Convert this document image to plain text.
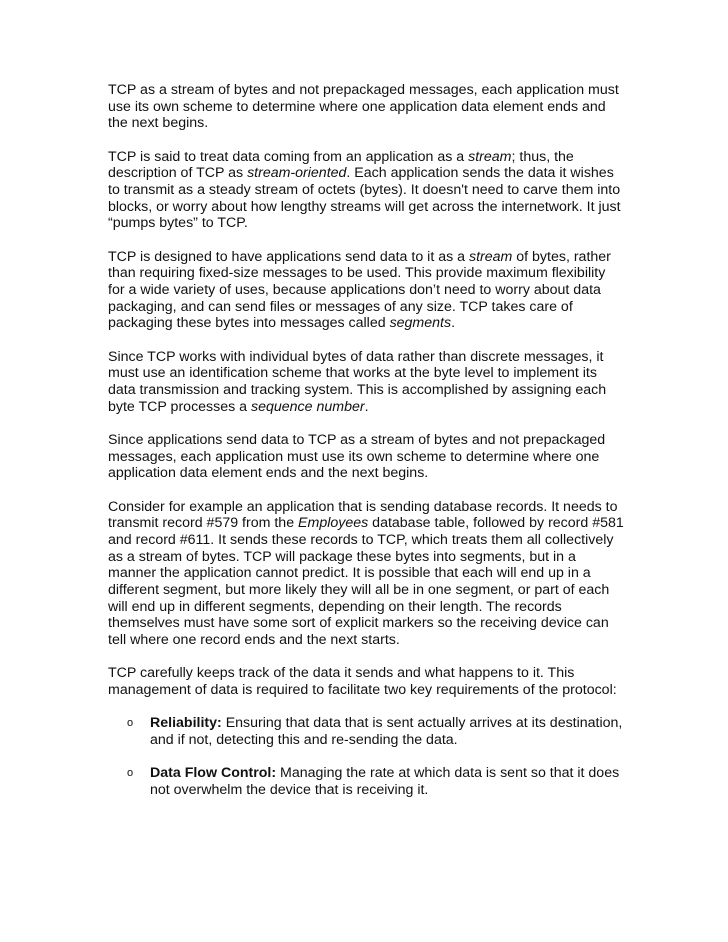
TCP as a stream of bytes and not prepackaged messages, each application must use its own scheme to determine where one application data element ends and the next begins.

TCP is said to treat data coming from an application as a stream; thus, the description of TCP as stream-oriented. Each application sends the data it wishes to transmit as a steady stream of octets (bytes). It doesn't need to carve them into blocks, or worry about how lengthy streams will get across the internetwork. It just “pumps bytes” to TCP.

TCP is designed to have applications send data to it as a stream of bytes, rather than requiring fixed-size messages to be used. This provide maximum flexibility for a wide variety of uses, because applications don’t need to worry about data packaging, and can send files or messages of any size. TCP takes care of packaging these bytes into messages called segments.

Since TCP works with individual bytes of data rather than discrete messages, it must use an identification scheme that works at the byte level to implement its data transmission and tracking system. This is accomplished by assigning each byte TCP processes a sequence number.

Since applications send data to TCP as a stream of bytes and not prepackaged messages, each application must use its own scheme to determine where one application data element ends and the next begins.

Consider for example an application that is sending database records. It needs to transmit record #579 from the Employees database table, followed by record #581 and record #611. It sends these records to TCP, which treats them all collectively as a stream of bytes. TCP will package these bytes into segments, but in a manner the application cannot predict. It is possible that each will end up in a different segment, but more likely they will all be in one segment, or part of each will end up in different segments, depending on their length. The records themselves must have some sort of explicit markers so the receiving device can tell where one record ends and the next starts.

TCP carefully keeps track of the data it sends and what happens to it. This management of data is required to facilitate two key requirements of the protocol:

o Reliability: Ensuring that data that is sent actually arrives at its destination, and if not, detecting this and re-sending the data.
o Data Flow Control: Managing the rate at which data is sent so that it does not overwhelm the device that is receiving it.
